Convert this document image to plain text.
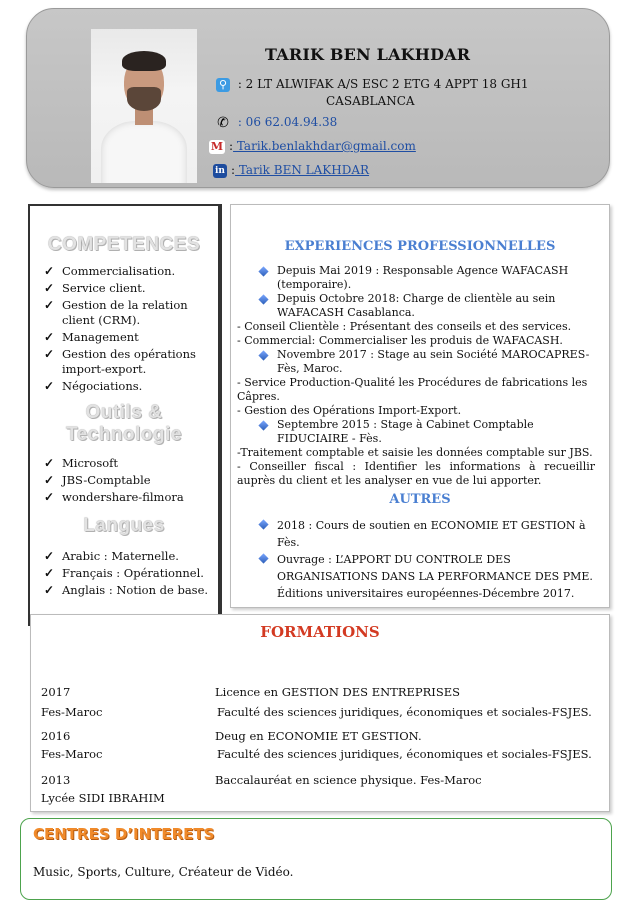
TARIK BEN LAKHDAR
⚲ : 2 LT ALWIFAK A/S ESC 2 ETG 4 APPT 18 GH1
CASABLANCA
✆ : 06 62.04.94.38
M : Tarik.benlakhdar@gmail.com
in : Tarik BEN LAKHDAR
COMPETENCES
✓ Commercialisation.
✓ Service client.
✓ Gestion de la relation client (CRM).
✓ Management
✓ Gestion des opérations import-export.
✓ Négociations.
Outils & Technologie
✓ Microsoft
✓ JBS-Comptable
✓ wondershare-filmora
Langues
✓ Arabic : Maternelle.
✓ Français : Opérationnel.
✓ Anglais : Notion de base.
EXPERIENCES PROFESSIONNELLES
Depuis Mai 2019 : Responsable Agence WAFACASH (temporaire).
Depuis Octobre 2018: Charge de clientèle au sein WAFACASH Casablanca.
- Conseil Clientèle : Présentant des conseils et des services.
- Commercial: Commercialiser les produis de WAFACASH.
Novembre 2017 : Stage au sein Société MAROCAPRES- Fès, Maroc.
- Service Production-Qualité les Procédures de fabrications les Câpres.
- Gestion des Opérations Import-Export.
Septembre 2015 : Stage à Cabinet Comptable FIDUCIAIRE - Fès.
-Traitement comptable et saisie les données comptable sur JBS.
- Conseiller fiscal : Identifier les informations à recueillir auprès du client et les analyser en vue de lui apporter.
AUTRES
2018 : Cours de soutien en ECONOMIE ET GESTION à Fès.
Ouvrage : L’APPORT DU CONTROLE DES ORGANISATIONS DANS LA PERFORMANCE DES PME. Éditions universitaires européennes-Décembre 2017.
FORMATIONS
2017	Licence en GESTION DES ENTREPRISES
Fes-Maroc	Faculté des sciences juridiques, économiques et sociales-FSJES.
2016	Deug en ECONOMIE ET GESTION.
Fes-Maroc	Faculté des sciences juridiques, économiques et sociales-FSJES.
2013	Baccalauréat en science physique. Fes-Maroc
Lycée SIDI IBRAHIM
CENTRES D’INTERETS
Music, Sports, Culture, Créateur de Vidéo.
